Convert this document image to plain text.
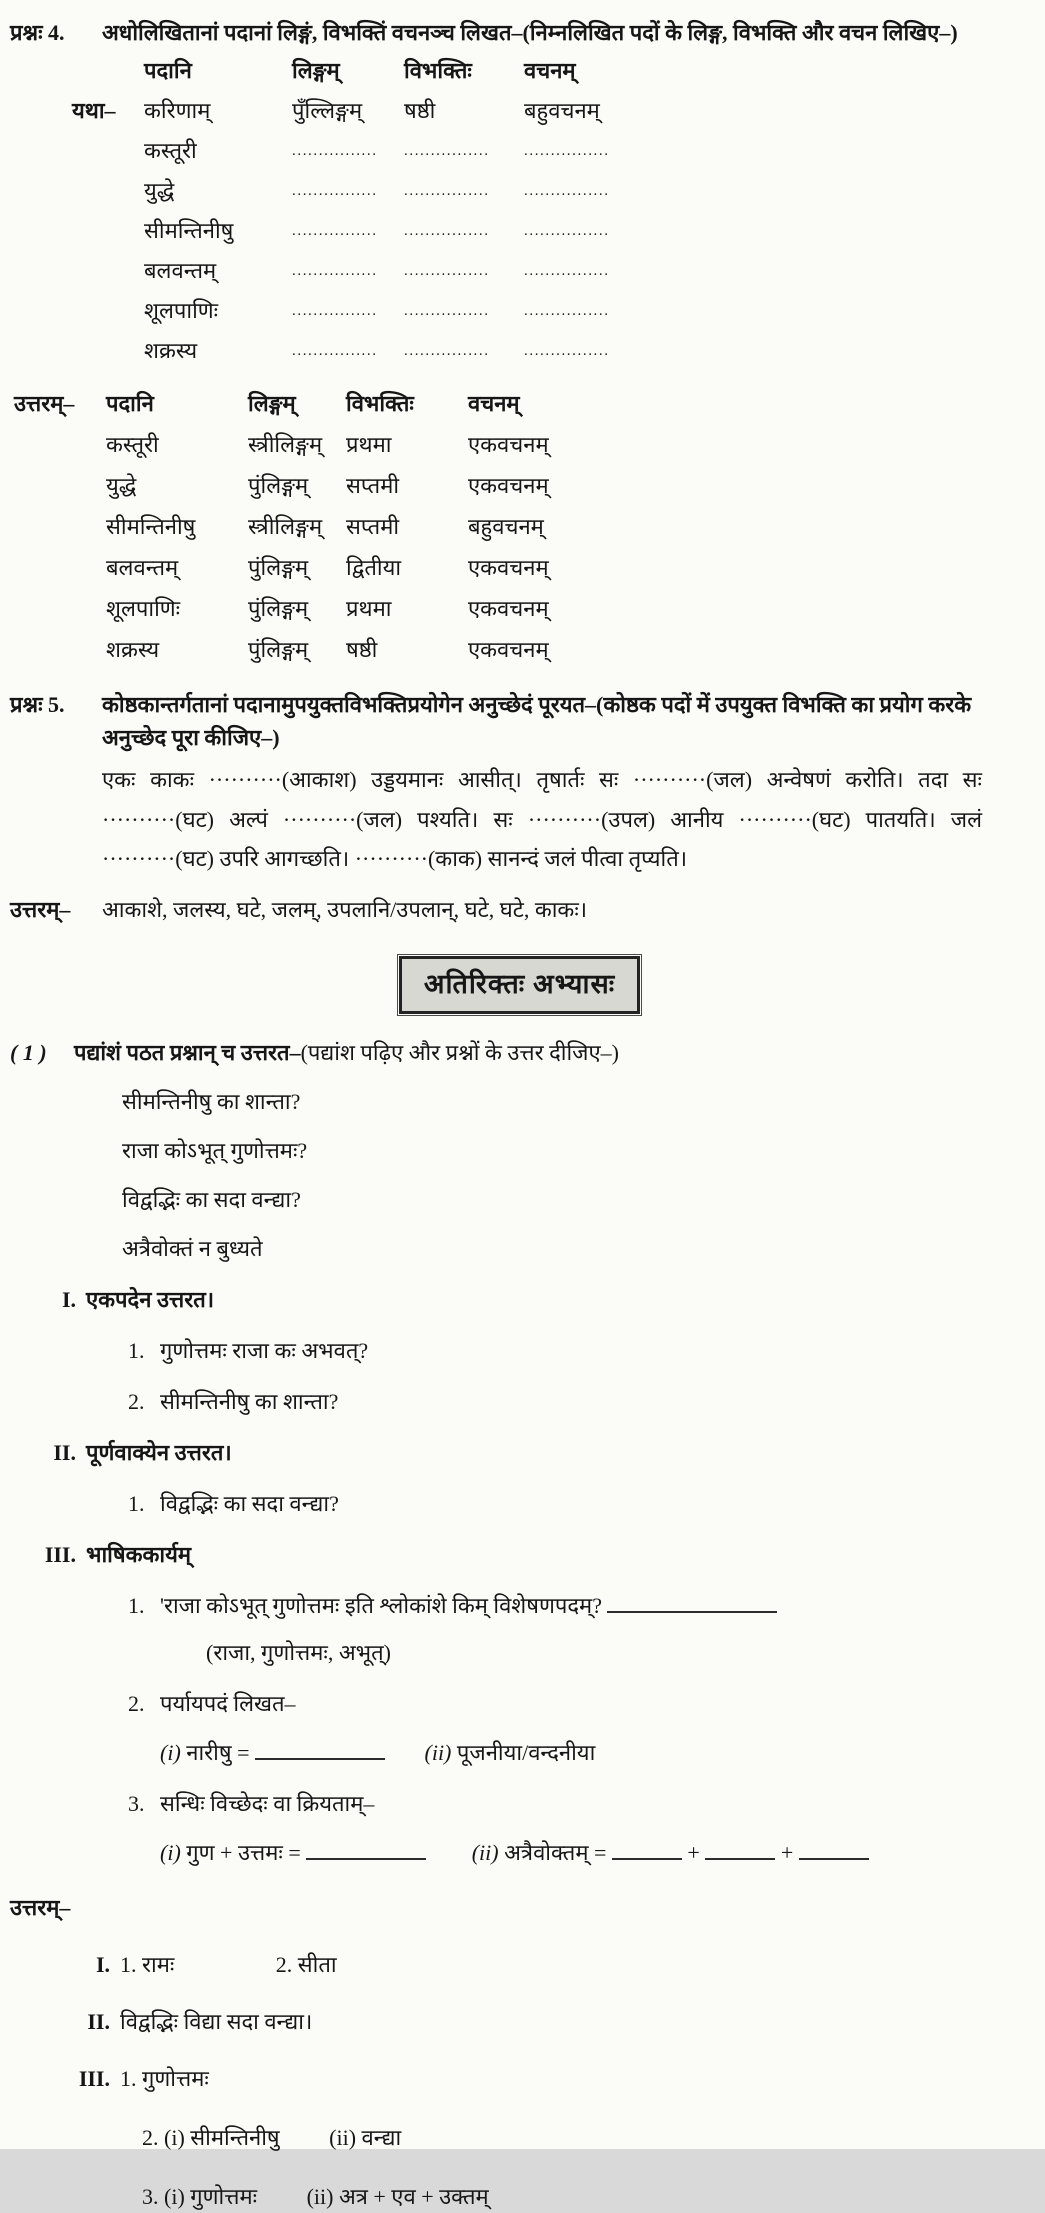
प्रश्नः 4.	अधोलिखितानां पदानां लिङ्गं, विभक्तिं वचनञ्च लिखत–(निम्नलिखित पदों के लिङ्ग, विभक्ति और वचन लिखिए–)
पदानि	लिङ्गम्	विभक्तिः	वचनम्
यथा–	करिणाम्	पुँल्लिङ्गम्	षष्ठी	बहुवचनम्
कस्तूरी	................	................	................
युद्धे	................	................	................
सीमन्तिनीषु	................	................	................
बलवन्तम्	................	................	................
शूलपाणिः	................	................	................
शक्रस्य	................	................	................
उत्तरम्–	पदानि	लिङ्गम्	विभक्तिः	वचनम्
कस्तूरी	स्त्रीलिङ्गम्	प्रथमा	एकवचनम्
युद्धे	पुंलिङ्गम्	सप्तमी	एकवचनम्
सीमन्तिनीषु	स्त्रीलिङ्गम्	सप्तमी	बहुवचनम्
बलवन्तम्	पुंलिङ्गम्	द्वितीया	एकवचनम्
शूलपाणिः	पुंलिङ्गम्	प्रथमा	एकवचनम्
शक्रस्य	पुंलिङ्गम्	षष्ठी	एकवचनम्
प्रश्नः 5.	कोष्ठकान्तर्गतानां पदानामुपयुक्तविभक्तिप्रयोगेन अनुच्छेदं पूरयत–(कोष्ठक पदों में उपयुक्त विभक्ति का प्रयोग करके अनुच्छेद पूरा कीजिए–)
एकः काकः ··········(आकाश) उड्डयमानः आसीत्। तृषार्तः सः ··········(जल) अन्वेषणं करोति। तदा सः ··········(घट) अल्पं ··········(जल) पश्यति। सः ··········(उपल) आनीय ··········(घट) पातयति। जलं ··········(घट) उपरि आगच्छति। ··········(काक) सानन्दं जलं पीत्वा तृप्यति।
उत्तरम्–	आकाशे, जलस्य, घटे, जलम्, उपलानि/उपलान्, घटे, घटे, काकः।
अतिरिक्तः अभ्यासः
( 1 )	पद्यांशं पठत प्रश्नान् च उत्तरत–(पद्यांश पढ़िए और प्रश्नों के उत्तर दीजिए–)
सीमन्तिनीषु का शान्ता?
राजा कोऽभूत् गुणोत्तमः?
विद्वद्भिः का सदा वन्द्या?
अत्रैवोक्तं न बुध्यते
I. एकपदेन उत्तरत।
1. गुणोत्तमः राजा कः अभवत्?
2. सीमन्तिनीषु का शान्ता?
II. पूर्णवाक्येन उत्तरत।
1. विद्वद्भिः का सदा वन्द्या?
III. भाषिककार्यम्
1. 'राजा कोऽभूत् गुणोत्तमः इति श्लोकांशे किम् विशेषणपदम्?
(राजा, गुणोत्तमः, अभूत्)
2. पर्यायपदं लिखत–
(i) नारीषु =	(ii) पूजनीया/वन्दनीया
3. सन्धिः विच्छेदः वा क्रियताम्–
(i) गुण + उत्तमः =	(ii) अत्रैवोक्तम् =	+	+
उत्तरम्–
I. 1. रामः	2. सीता
II. विद्वद्भिः विद्या सदा वन्द्या।
III. 1. गुणोत्तमः
2. (i) सीमन्तिनीषु (ii) वन्द्या
3. (i) गुणोत्तमः (ii) अत्र + एव + उक्तम्
